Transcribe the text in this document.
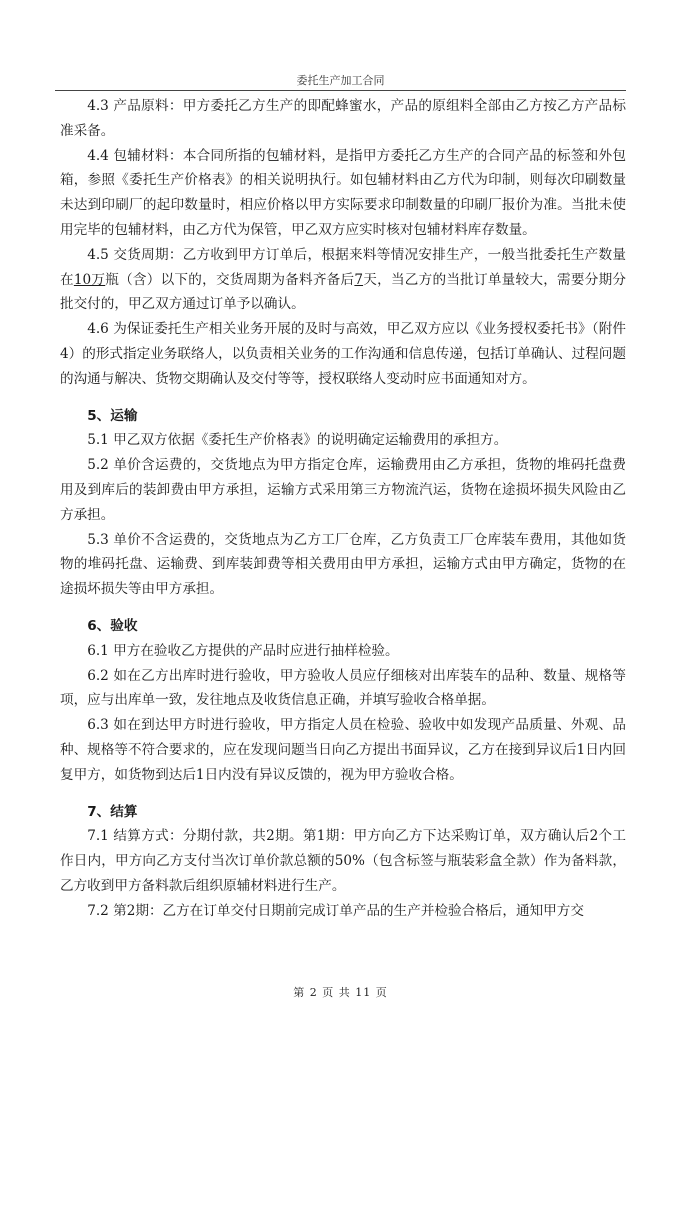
委托生产加工合同

4.3 产品原料：甲方委托乙方生产的即配蜂蜜水，产品的原组料全部由乙方按乙方产品标准采备。

4.4 包辅材料：本合同所指的包辅材料，是指甲方委托乙方生产的合同产品的标签和外包箱，参照《委托生产价格表》的相关说明执行。如包辅材料由乙方代为印制，则每次印刷数量未达到印刷厂的起印数量时，相应价格以甲方实际要求印制数量的印刷厂报价为准。当批未使用完毕的包辅材料，由乙方代为保管，甲乙双方应实时核对包辅材料库存数量。

4.5 交货周期：乙方收到甲方订单后，根据来料等情况安排生产，一般当批委托生产数量在10万瓶（含）以下的，交货周期为备料齐备后7天，当乙方的当批订单量较大，需要分期分批交付的，甲乙双方通过订单予以确认。

4.6 为保证委托生产相关业务开展的及时与高效，甲乙双方应以《业务授权委托书》（附件4）的形式指定业务联络人，以负责相关业务的工作沟通和信息传递，包括订单确认、过程问题的沟通与解决、货物交期确认及交付等等，授权联络人变动时应书面通知对方。

5、运输

5.1 甲乙双方依据《委托生产价格表》的说明确定运输费用的承担方。

5.2 单价含运费的，交货地点为甲方指定仓库，运输费用由乙方承担，货物的堆码托盘费用及到库后的装卸费由甲方承担，运输方式采用第三方物流汽运，货物在途损坏损失风险由乙方承担。

5.3 单价不含运费的，交货地点为乙方工厂仓库，乙方负责工厂仓库装车费用，其他如货物的堆码托盘、运输费、到库装卸费等相关费用由甲方承担，运输方式由甲方确定，货物的在途损坏损失等由甲方承担。

6、验收

6.1 甲方在验收乙方提供的产品时应进行抽样检验。

6.2 如在乙方出库时进行验收，甲方验收人员应仔细核对出库装车的品种、数量、规格等项，应与出库单一致，发往地点及收货信息正确，并填写验收合格单据。

6.3 如在到达甲方时进行验收，甲方指定人员在检验、验收中如发现产品质量、外观、品种、规格等不符合要求的，应在发现问题当日向乙方提出书面异议，乙方在接到异议后1日内回复甲方，如货物到达后1日内没有异议反馈的，视为甲方验收合格。

7、结算

7.1 结算方式：分期付款，共2期。第1期：甲方向乙方下达采购订单，双方确认后2个工作日内，甲方向乙方支付当次订单价款总额的50%（包含标签与瓶装彩盒全款）作为备料款，乙方收到甲方备料款后组织原辅材料进行生产。

7.2 第2期：乙方在订单交付日期前完成订单产品的生产并检验合格后，通知甲方交

第 2 页 共 11 页
